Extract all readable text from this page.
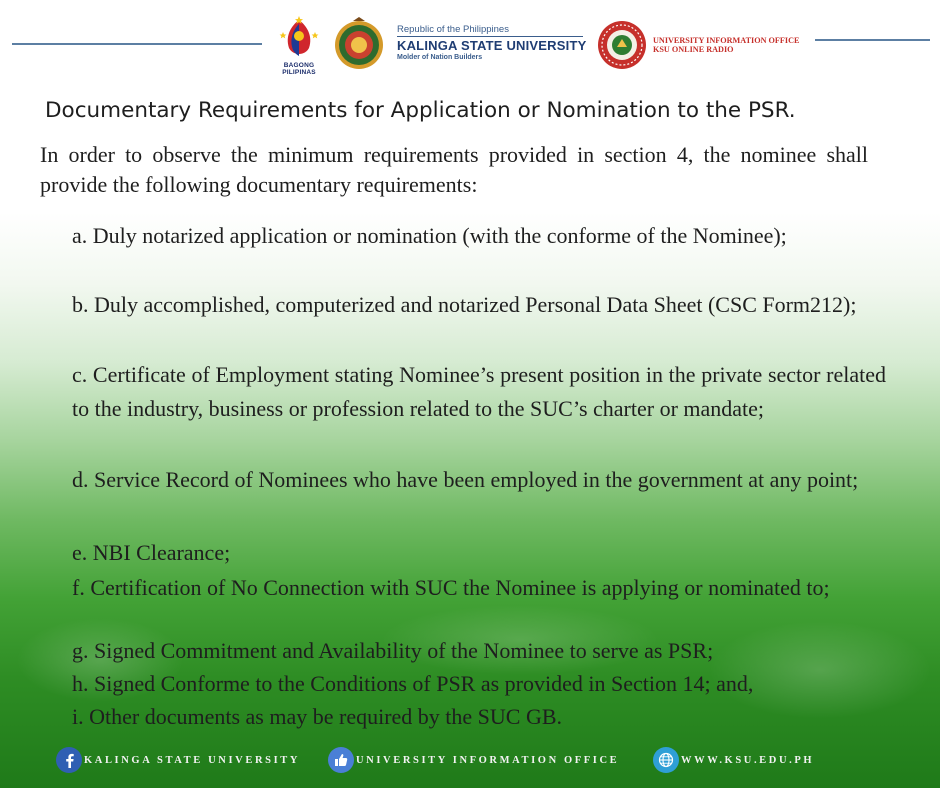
BAGONG PILIPINAS
Republic of the Philippines
KALINGA STATE UNIVERSITY
Molder of Nation Builders
UNIVERSITY INFORMATION OFFICE
KSU ONLINE RADIO
Documentary Requirements for Application or Nomination to the PSR.
In order to observe the minimum requirements provided in section 4, the nominee shall provide the following documentary requirements:
a. Duly notarized application or nomination (with the conforme of the Nominee);
b. Duly accomplished, computerized and notarized Personal Data Sheet (CSC Form212);
c. Certificate of Employment stating Nominee’s present position in the private sector related to the industry, business or profession related to the SUC’s charter or mandate;
d. Service Record of Nominees who have been employed in the government at any point;
e. NBI Clearance;
f. Certification of No Connection with SUC the Nominee is applying or nominated to;
g. Signed Commitment and Availability of the Nominee to serve as PSR;
h. Signed Conforme to the Conditions of PSR as provided in Section 14; and,
i. Other documents as may be required by the SUC GB.
KALINGA STATE UNIVERSITY	UNIVERSITY INFORMATION OFFICE	WWW.KSU.EDU.PH
